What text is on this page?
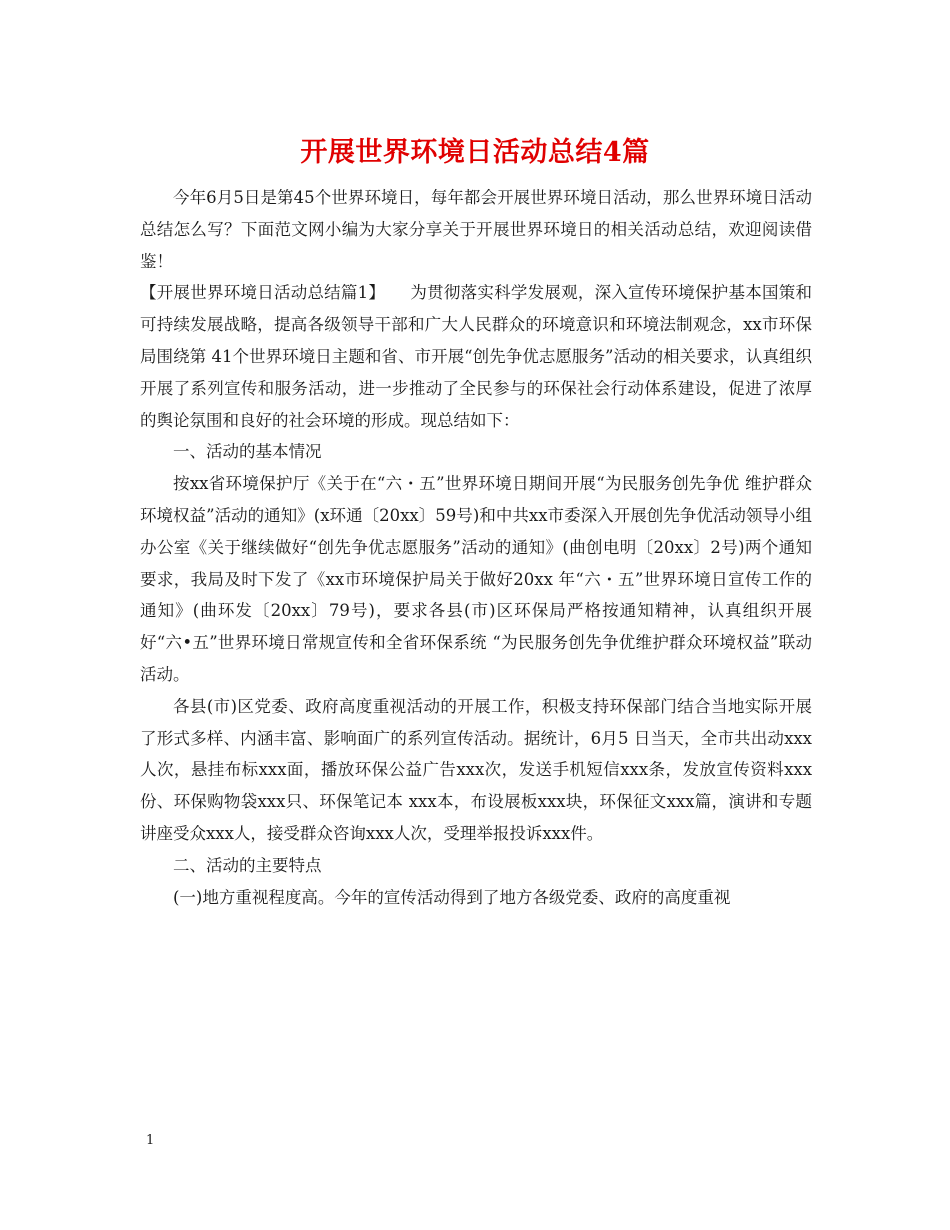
开展世界环境日活动总结4篇

今年6月5日是第45个世界环境日，每年都会开展世界环境日活动，那么世界环境日活动总结怎么写？下面范文网小编为大家分享关于开展世界环境日的相关活动总结，欢迎阅读借鉴！

【开展世界环境日活动总结篇1】　　为贯彻落实科学发展观，深入宣传环境保护基本国策和可持续发展战略，提高各级领导干部和广大人民群众的环境意识和环境法制观念，xx市环保局围绕第 41个世界环境日主题和省、市开展“创先争优志愿服务”活动的相关要求，认真组织开展了系列宣传和服务活动，进一步推动了全民参与的环保社会行动体系建设，促进了浓厚的舆论氛围和良好的社会环境的形成。现总结如下：

一、活动的基本情况

按xx省环境保护厅《关于在“六・五”世界环境日期间开展“为民服务创先争优 维护群众环境权益”活动的通知》(x环通〔20xx〕59号)和中共xx市委深入开展创先争优活动领导小组办公室《关于继续做好“创先争优志愿服务”活动的通知》(曲创电明〔20xx〕2号)两个通知要求，我局及时下发了《xx市环境保护局关于做好20xx 年“六・五”世界环境日宣传工作的通知》(曲环发〔20xx〕79号)，要求各县(市)区环保局严格按通知精神，认真组织开展好“六•五”世界环境日常规宣传和全省环保系统 “为民服务创先争优维护群众环境权益”联动活动。

各县(市)区党委、政府高度重视活动的开展工作，积极支持环保部门结合当地实际开展了形式多样、内涵丰富、影响面广的系列宣传活动。据统计，6月5 日当天，全市共出动xxx人次，悬挂布标xxx面，播放环保公益广告xxx次，发送手机短信xxx条，发放宣传资料xxx份、环保购物袋xxx只、环保笔记本 xxx本，布设展板xxx块，环保征文xxx篇，演讲和专题讲座受众xxx人，接受群众咨询xxx人次，受理举报投诉xxx件。

二、活动的主要特点

(一)地方重视程度高。今年的宣传活动得到了地方各级党委、政府的高度重视

1
